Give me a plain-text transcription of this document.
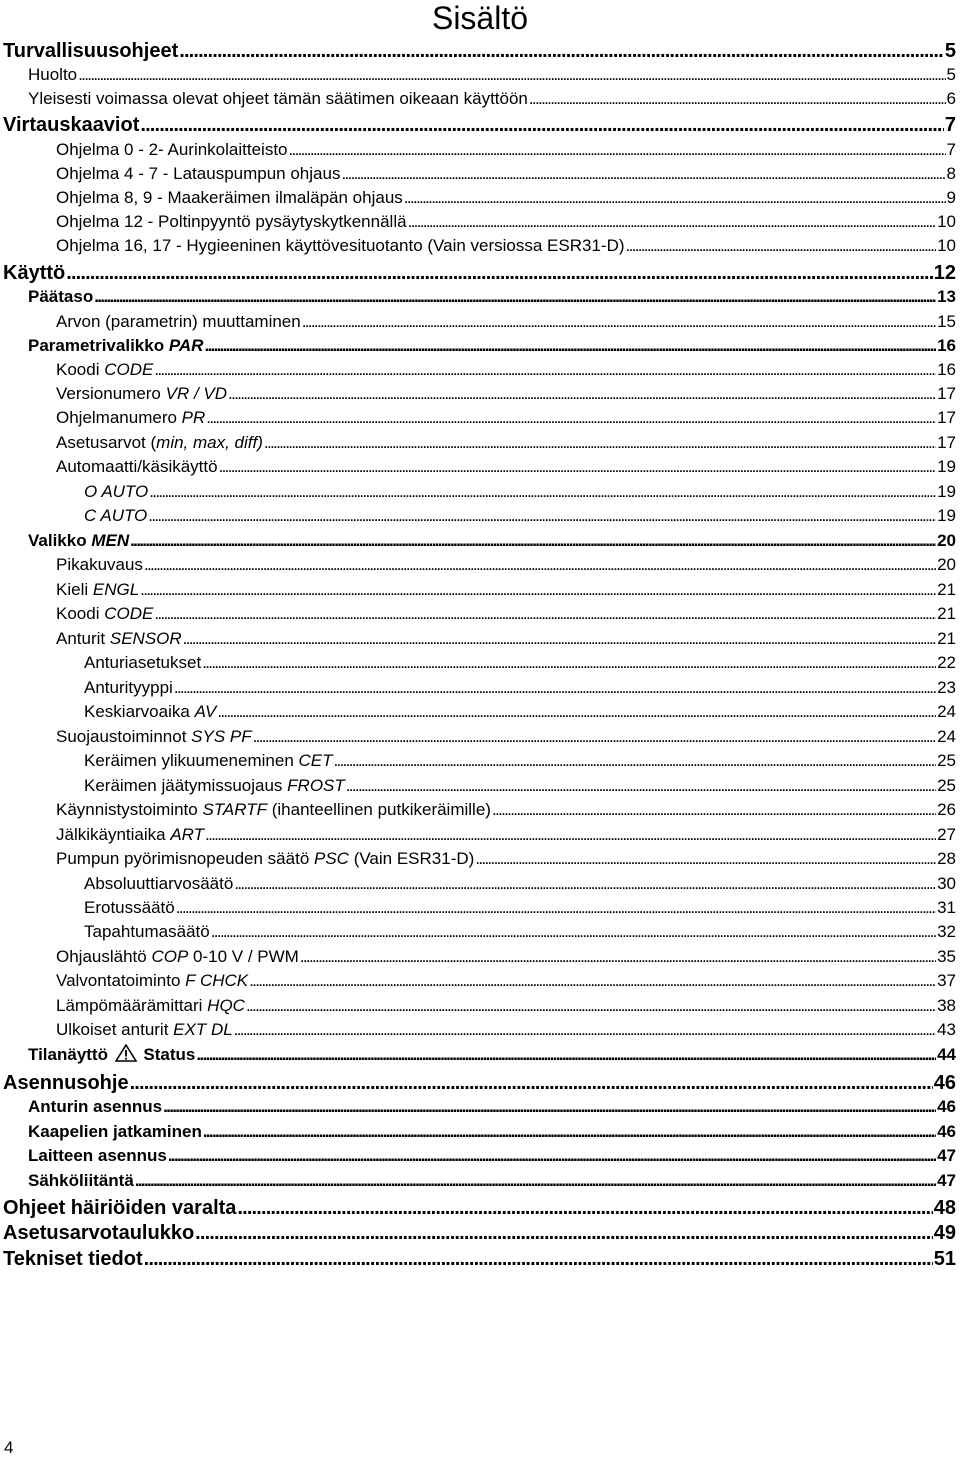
Sisältö
Turvallisuusohjeet . . .	5
Huolto . . .	5
Yleisesti voimassa olevat ohjeet tämän säätimen oikeaan käyttöön . . .	6
Virtauskaaviot . . .	7
Ohjelma 0 - 2- Aurinkolaitteisto . . .	7
Ohjelma 4 - 7 - Latauspumpun ohjaus . . .	8
Ohjelma 8, 9 - Maakeräimen ilmaläpän ohjaus . . .	9
Ohjelma 12 - Poltinpyyntö pysäytyskytkennällä . . .	10
Ohjelma 16, 17 - Hygieeninen käyttövesituotanto (Vain versiossa ESR31-D) . . .	10
Käyttö . . .	12
Päätaso . . .	13
Arvon (parametrin) muuttaminen . . .	15
Parametrivalikko PAR . . .	16
Koodi CODE . . .	16
Versionumero VR / VD . . .	17
Ohjelmanumero PR . . .	17
Asetusarvot (min, max, diff) . . .	17
Automaatti/käsikäyttö . . .	19
O AUTO . . .	19
C AUTO . . .	19
Valikko MEN . . .	20
Pikakuvaus . . .	20
Kieli ENGL . . .	21
Koodi CODE . . .	21
Anturit SENSOR . . .	21
Anturiasetukset . . .	22
Anturityyppi . . .	23
Keskiarvoaika AV . . .	24
Suojaustoiminnot SYS PF . . .	24
Keräimen ylikuumeneminen CET . . .	25
Keräimen jäätymissuojaus FROST . . .	25
Käynnistystoiminto STARTF (ihanteellinen putkikeräimille) . . .	26
Jälkikäyntiaika ART . . .	27
Pumpun pyörimisnopeuden säätö PSC (Vain ESR31-D) . . .	28
Absoluuttiarvosäätö . . .	30
Erotussäätö . . .	31
Tapahtumasäätö . . .	32
Ohjauslähtö COP 0-10 V / PWM . . .	35
Valvontatoiminto F CHCK . . .	37
Lämpömäärämittari HQC . . .	38
Ulkoiset anturit EXT DL . . .	43
Tilanäyttö  Status . . .	44
Asennusohje . . .	46
Anturin asennus . . .	46
Kaapelien jatkaminen . . .	46
Laitteen asennus . . .	47
Sähköliitäntä . . .	47
Ohjeet häiriöiden varalta . . .	48
Asetusarvotaulukko . . .	49
Tekniset tiedot . . .	51
4
